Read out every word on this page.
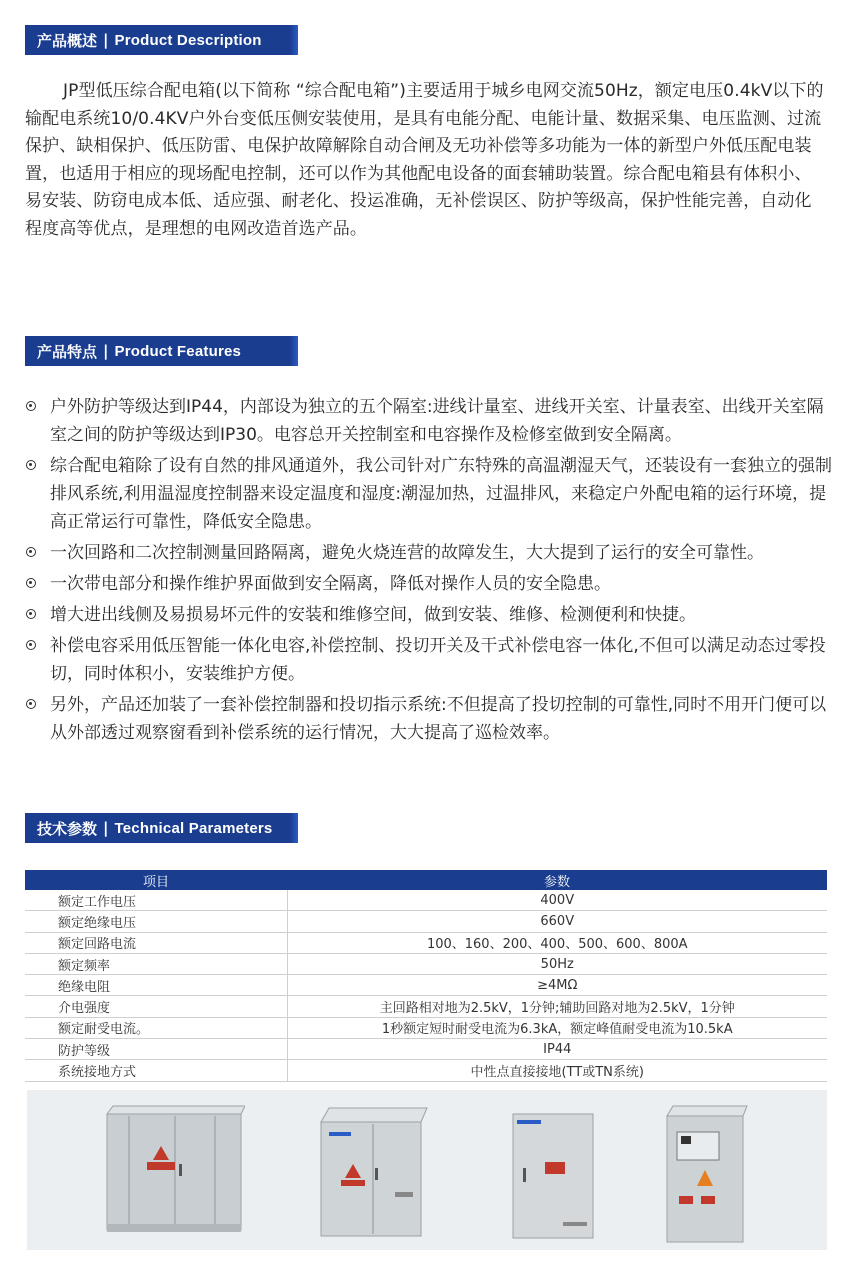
产品概述 | Product Description

JP型低压综合配电箱(以下简称 “综合配电箱”)主要适用于城乡电网交流50Hz，额定电压0.4kV以下的输配电系统10/0.4KV户外台变低压侧安装使用，是具有电能分配、电能计量、数据采集、电压监测、过流保护、缺相保护、低压防雷、电保护故障解除自动合闸及无功补偿等多功能为一体的新型户外低压配电装置，也适用于相应的现场配电控制，还可以作为其他配电设备的面套辅助装置。综合配电箱县有体积小、易安装、防窃电成本低、适应强、耐老化、投运准确，无补偿误区、防护等级高，保护性能完善，自动化程度高等优点，是理想的电网改造首选产品。

产品特点 | Product Features
户外防护等级达到IP44，内部设为独立的五个隔室:进线计量室、进线开关室、计量表室、出线开关室隔室之间的防护等级达到IP30。电容总开关控制室和电容操作及检修室做到安全隔离。
综合配电箱除了设有自然的排风通道外，我公司针对广东特殊的高温潮湿天气，还装设有一套独立的强制排风系统,利用温湿度控制器来设定温度和湿度:潮湿加热，过温排风，来稳定户外配电箱的运行环境，提高正常运行可靠性，降低安全隐患。
一次回路和二次控制测量回路隔离，避免火烧连营的故障发生，大大提到了运行的安全可靠性。
一次带电部分和操作维护界面做到安全隔离，降低对操作人员的安全隐患。
增大进出线侧及易损易坏元件的安装和维修空间，做到安装、维修、检测便利和快捷。
补偿电容采用低压智能一体化电容,补偿控制、投切开关及干式补偿电容一体化,不但可以满足动态过零投切，同时体积小，安装维护方便。
另外，产品还加装了一套补偿控制器和投切指示系统:不但提高了投切控制的可靠性,同时不用开门便可以从外部透过观察窗看到补偿系统的运行情况，大大提高了巡检效率。
技术参数 | Technical Parameters
项目	参数
额定工作电压	400V
额定绝缘电压	660V
额定回路电流	100、160、200、400、500、600、800A
额定频率	50Hz
绝缘电阻	≥4MΩ
介电强度	主回路相对地为2.5kV，1分钟;辅助回路对地为2.5kV，1分钟
额定耐受电流。	1秒额定短时耐受电流为6.3kA，额定峰值耐受电流为10.5kA
防护等级	IP44
系统接地方式	中性点直接接地(TT或TN系统)
